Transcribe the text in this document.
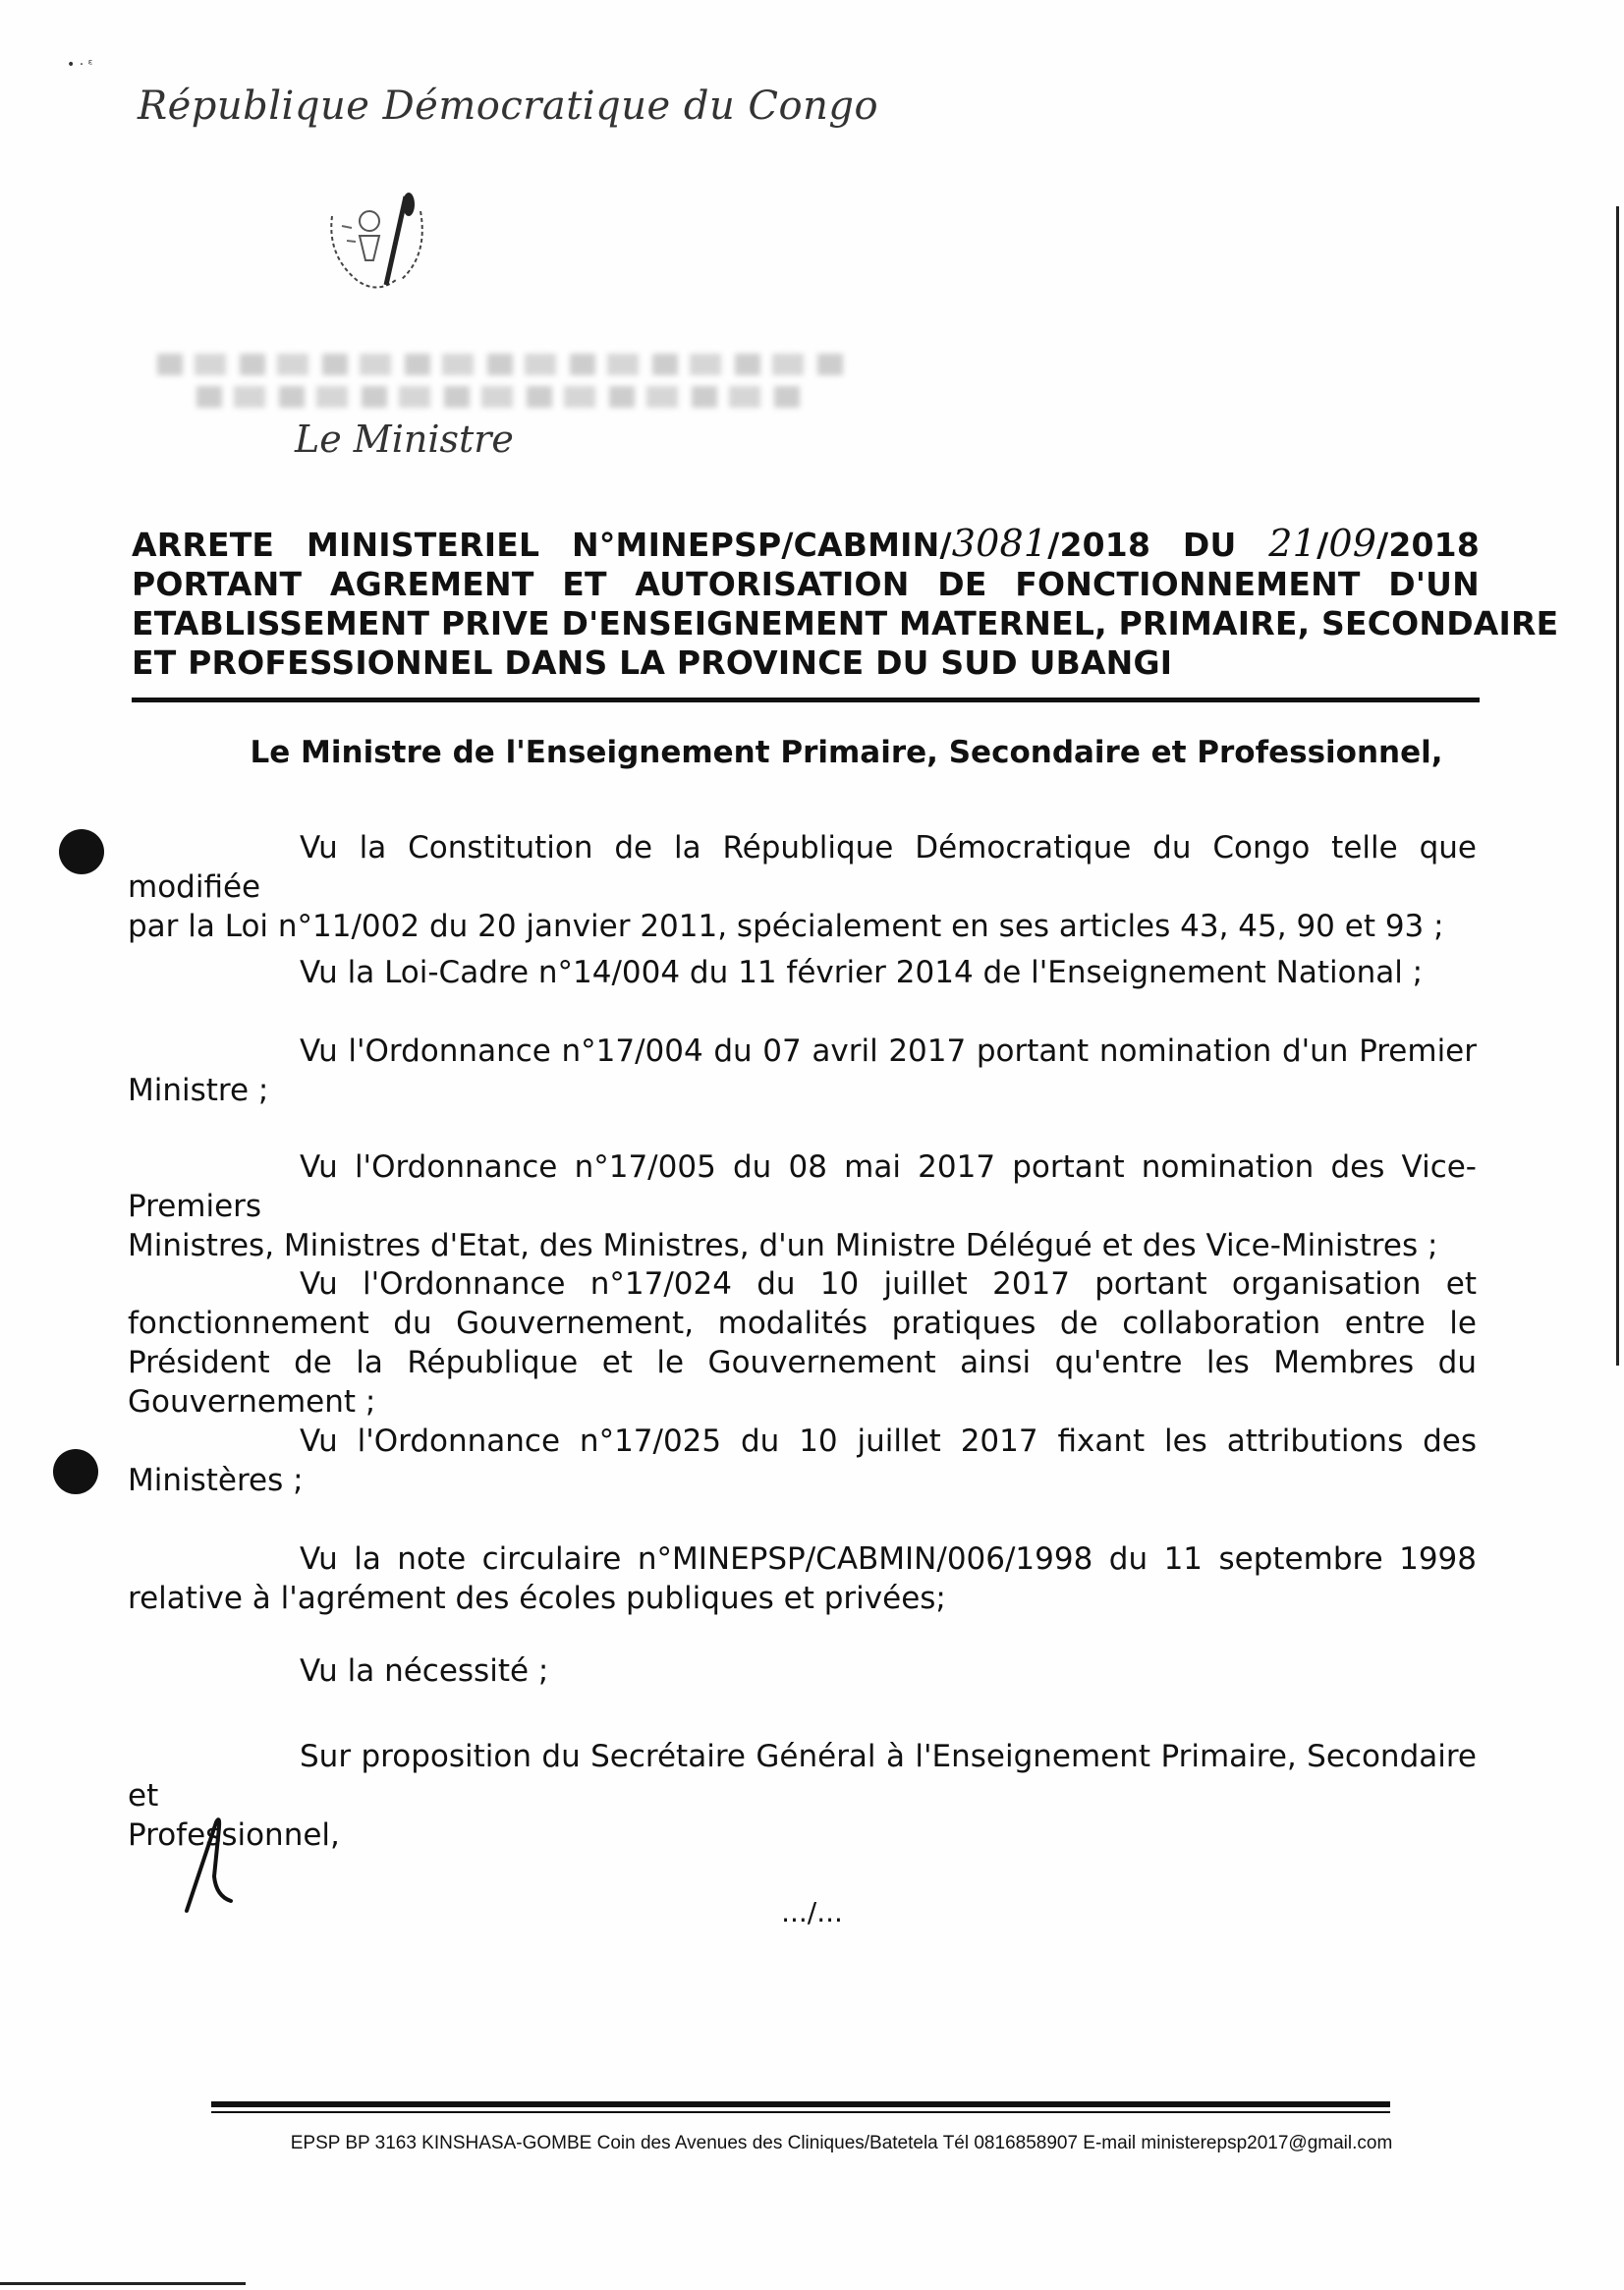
• · ᵋ
République Démocratique du Congo
Le Ministre
ARRETE MINISTERIEL N°MINEPSP/CABMIN/3081/2018 DU 21/09/2018
PORTANT AGREMENT ET AUTORISATION DE FONCTIONNEMENT D'UN
ETABLISSEMENT PRIVE D'ENSEIGNEMENT MATERNEL, PRIMAIRE, SECONDAIRE
ET PROFESSIONNEL DANS LA PROVINCE DU SUD UBANGI
Le Ministre de l'Enseignement Primaire, Secondaire et Professionnel,
Vu la Constitution de la République Démocratique du Congo telle que modifiée
par la Loi n°11/002 du 20 janvier 2011, spécialement en ses articles 43, 45, 90 et 93 ;
Vu la Loi-Cadre n°14/004 du 11 février 2014 de l'Enseignement National ;
Vu l'Ordonnance n°17/004 du 07 avril 2017 portant nomination d'un Premier
Ministre ;
Vu l'Ordonnance n°17/005 du 08 mai 2017 portant nomination des Vice-Premiers
Ministres, Ministres d'Etat, des Ministres, d'un Ministre Délégué et des Vice-Ministres ;
Vu l'Ordonnance n°17/024 du 10 juillet 2017 portant organisation et
fonctionnement du Gouvernement, modalités pratiques de collaboration entre le Président de la République et le Gouvernement ainsi qu'entre les Membres du Gouvernement ;
Vu l'Ordonnance n°17/025 du 10 juillet 2017 fixant les attributions des
Ministères ;
Vu la note circulaire n°MINEPSP/CABMIN/006/1998 du 11 septembre 1998
relative à l'agrément des écoles publiques et privées;
Vu la nécessité ;
Sur proposition du Secrétaire Général à l'Enseignement Primaire, Secondaire et
Professionnel,
.../...
EPSP BP 3163 KINSHASA-GOMBE Coin des Avenues des Cliniques/Batetela Tél 0816858907 E-mail ministerepsp2017@gmail.com
